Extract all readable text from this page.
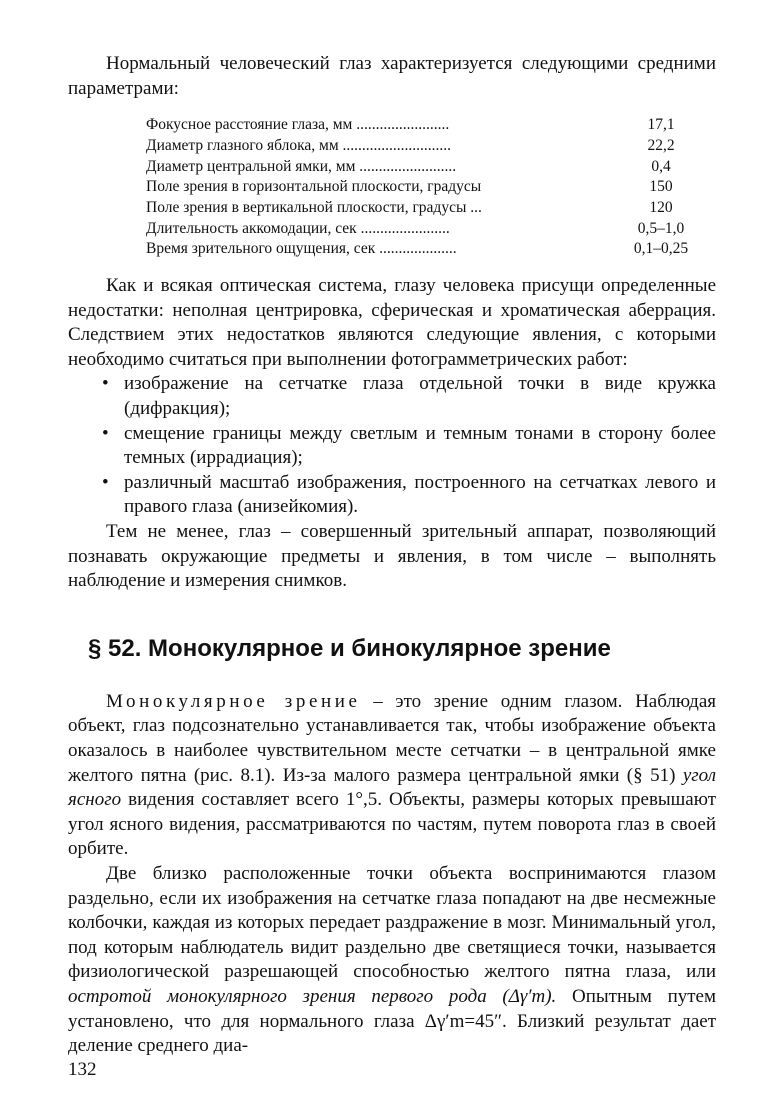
Нормальный человеческий глаз характеризуется следующими средними параметрами:

Фокусное расстояние глаза, мм ........................	17,1
Диаметр глазного яблока, мм ............................	22,2
Диаметр центральной ямки, мм .........................	0,4
Поле зрения в горизонтальной плоскости, градусы	150
Поле зрения в вертикальной плоскости, градусы ...	120
Длительность аккомодации, сек .......................	0,5–1,0
Время зрительного ощущения, сек ....................	0,1–0,25

Как и всякая оптическая система, глазу человека присущи определенные недостатки: неполная центрировка, сферическая и хроматическая аберрация. Следствием этих недостатков являются следующие явления, с которыми необходимо считаться при выполнении фотограмметрических работ:

• изображение на сетчатке глаза отдельной точки в виде кружка (дифракция);
• смещение границы между светлым и темным тонами в сторону более темных (иррадиация);
• различный масштаб изображения, построенного на сетчатках левого и правого глаза (анизейкомия).

Тем не менее, глаз – совершенный зрительный аппарат, позволяющий познавать окружающие предметы и явления, в том числе – выполнять наблюдение и измерения снимков.

§ 52. Монокулярное и бинокулярное зрение

Монокулярное зрение – это зрение одним глазом. Наблюдая объект, глаз подсознательно устанавливается так, чтобы изображение объекта оказалось в наиболее чувствительном месте сетчатки – в центральной ямке желтого пятна (рис. 8.1). Из-за малого размера центральной ямки (§ 51) угол ясного видения составляет всего 1°,5. Объекты, размеры которых превышают угол ясного видения, рассматриваются по частям, путем поворота глаз в своей орбите.

Две близко расположенные точки объекта воспринимаются глазом раздельно, если их изображения на сетчатке глаза попадают на две несмежные колбочки, каждая из которых передает раздражение в мозг. Минимальный угол, под которым наблюдатель видит раздельно две светящиеся точки, называется физиологической разрешающей способностью желтого пятна глаза, или остротой монокулярного зрения первого рода (Δγ′m). Опытным путем установлено, что для нормального глаза Δγ′m=45″. Близкий результат дает деление среднего диа-

132
